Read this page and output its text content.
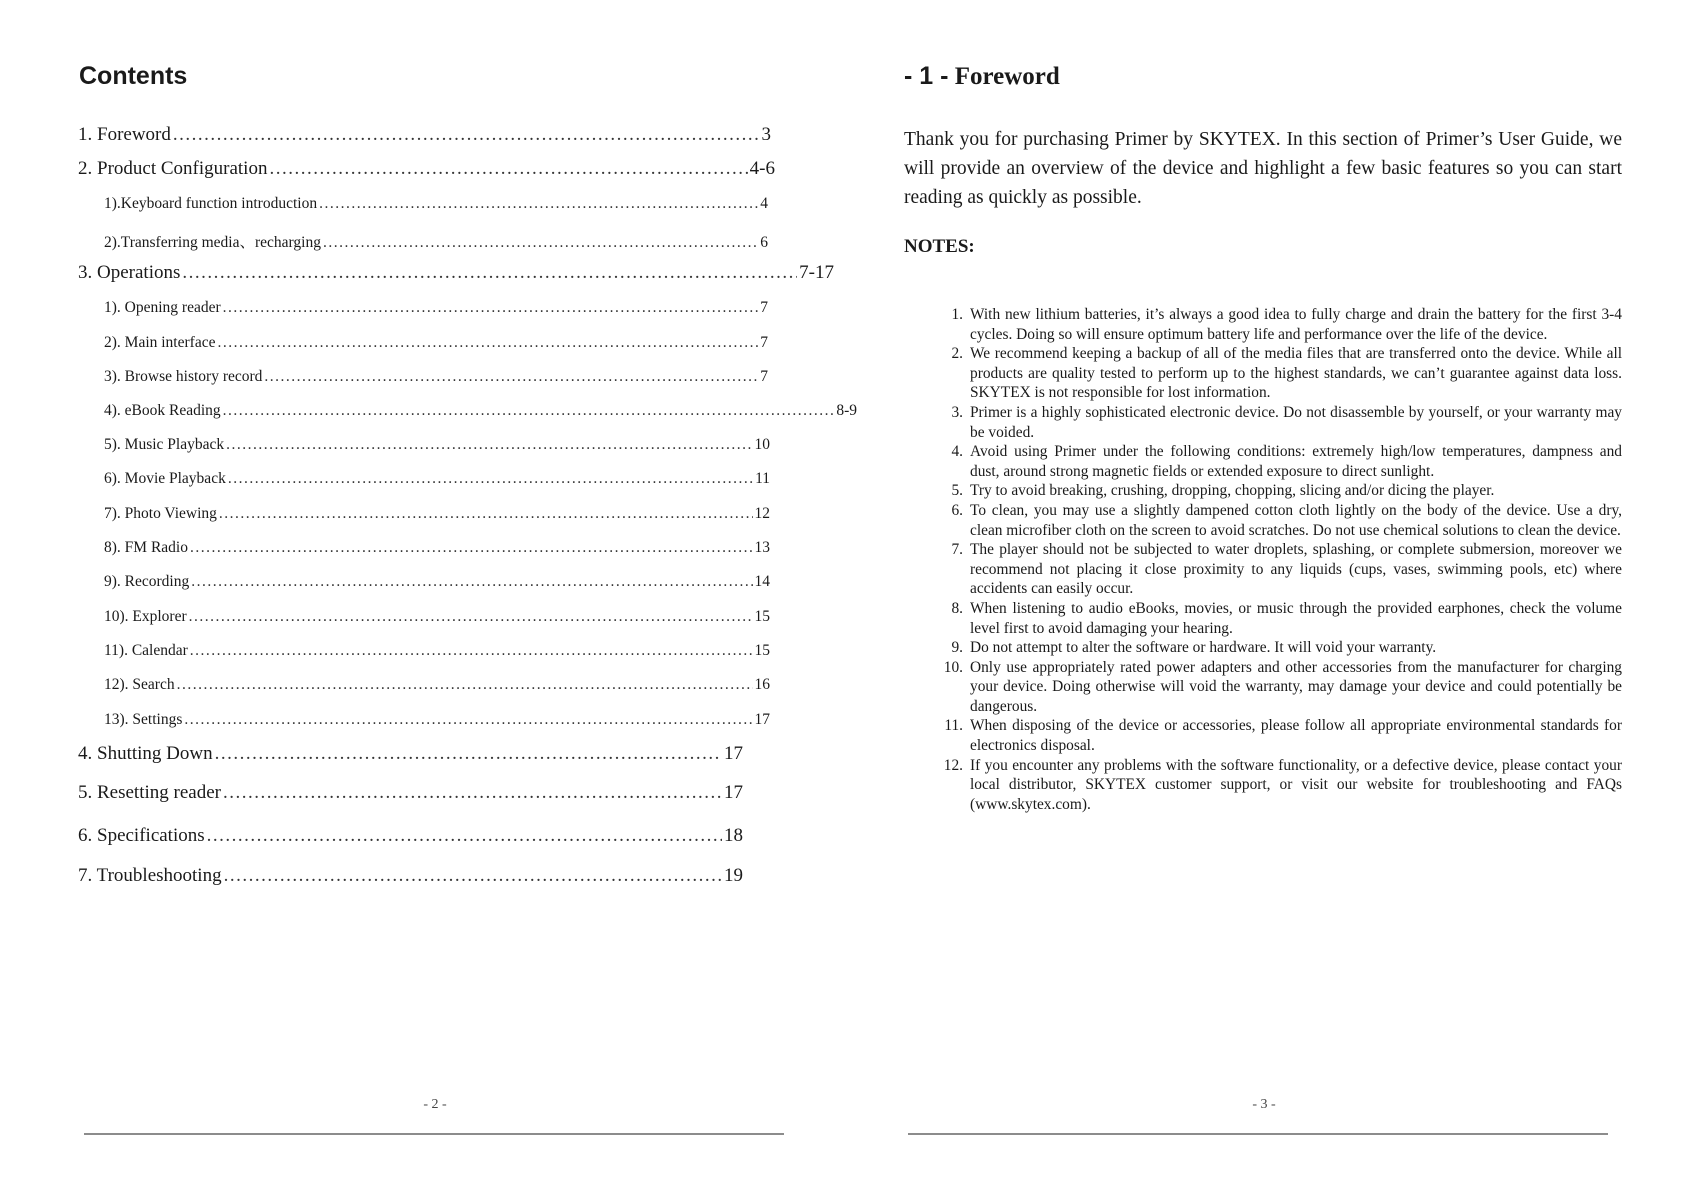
Contents
1. Foreword .....	3
2. Product Configuration .....	4-6
1).Keyboard function introduction .....	4
2).Transferring media、recharging .....	6
3. Operations .....	7-17
1). Opening reader .....	7
2). Main interface .....	7
3). Browse history record .....	7
4). eBook Reading .....	8-9
5). Music Playback .....	10
6). Movie Playback .....	11
7). Photo Viewing .....	12
8). FM Radio .....	13
9). Recording .....	14
10). Explorer .....	15
11). Calendar .....	15
12). Search .....	16
13). Settings .....	17
4. Shutting Down .....	17
5. Resetting reader .....	17
6. Specifications .....	18
7. Troubleshooting .....	19
- 2 -
- 1 - Foreword

Thank you for purchasing Primer by SKYTEX. In this section of Primer’s User Guide, we will provide an overview of the device and highlight a few basic features so you can start reading as quickly as possible.

NOTES:
1. With new lithium batteries, it’s always a good idea to fully charge and drain the battery for the first 3-4 cycles. Doing so will ensure optimum battery life and performance over the life of the device.
2. We recommend keeping a backup of all of the media files that are transferred onto the device. While all products are quality tested to perform up to the highest standards, we can’t guarantee against data loss. SKYTEX is not responsible for lost information.
3. Primer is a highly sophisticated electronic device. Do not disassemble by yourself, or your warranty may be voided.
4. Avoid using Primer under the following conditions: extremely high/low temperatures, dampness and dust, around strong magnetic fields or extended exposure to direct sunlight.
5. Try to avoid breaking, crushing, dropping, chopping, slicing and/or dicing the player.
6. To clean, you may use a slightly dampened cotton cloth lightly on the body of the device. Use a dry, clean microfiber cloth on the screen to avoid scratches. Do not use chemical solutions to clean the device.
7. The player should not be subjected to water droplets, splashing, or complete submersion, moreover we recommend not placing it close proximity to any liquids (cups, vases, swimming pools, etc) where accidents can easily occur.
8. When listening to audio eBooks, movies, or music through the provided earphones, check the volume level first to avoid damaging your hearing.
9. Do not attempt to alter the software or hardware. It will void your warranty.
10. Only use appropriately rated power adapters and other accessories from the manufacturer for charging your device. Doing otherwise will void the warranty, may damage your device and could potentially be dangerous.
11. When disposing of the device or accessories, please follow all appropriate environmental standards for electronics disposal.
12. If you encounter any problems with the software functionality, or a defective device, please contact your local distributor, SKYTEX customer support, or visit our website for troubleshooting and FAQs (www.skytex.com).
- 3 -
